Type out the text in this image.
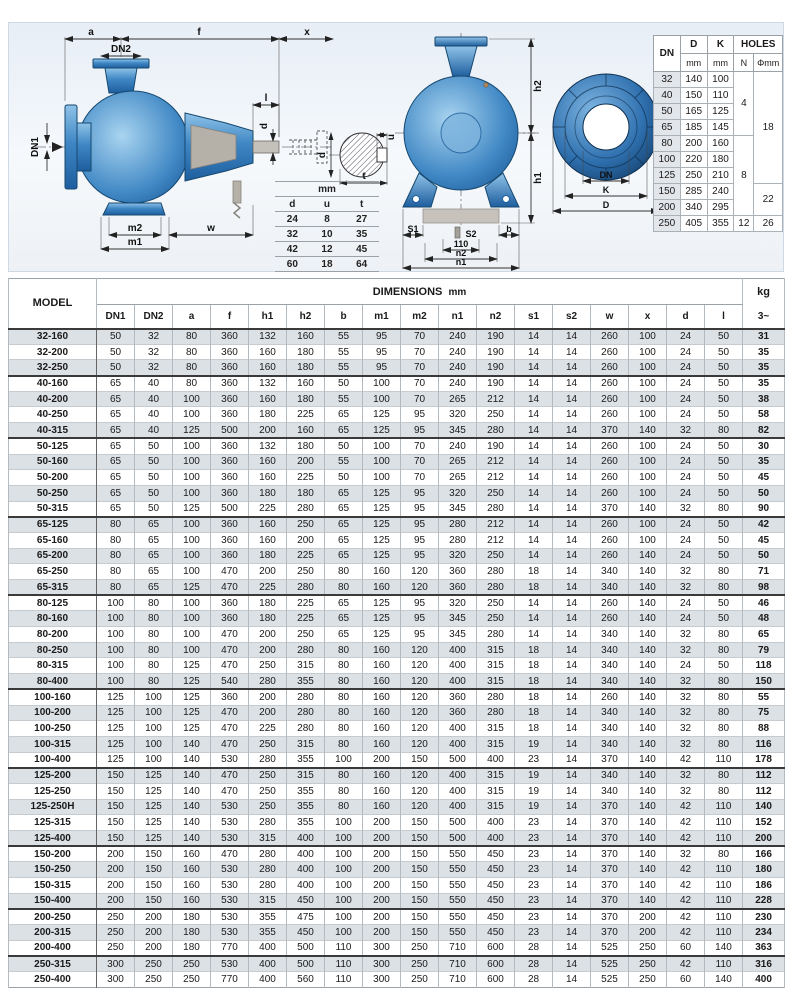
a	f	x
DN2
l
d
DN1
m2
m1
w
d
u
t
mm		
d	u	t
24	8	27
32	10	35
42	12	45
60	18	64
h2
h1
S1	b
S2
110
n2
n1
DN
K
D
DN	D	K	HOLES	
	mm	mm	N	Φmm
32	140	100	4	18
40	150	110		
50	165	125		
65	185	145		
80	200	160	8	
100	220	180		
125	250	210		
150	285	240		22
200	340	295		
250	405	355	12	26
MODEL	DIMENSIONS mm																	kg
	DN1	DN2	a	f	h1	h2	b	m1	m2	n1	n2	s1	s2	w	x	d	l	3~
32-160	50	32	80	360	132	160	55	95	70	240	190	14	14	260	100	24	50	31
32-200	50	32	80	360	160	180	55	95	70	240	190	14	14	260	100	24	50	35
32-250	50	32	80	360	160	180	55	95	70	240	190	14	14	260	100	24	50	35
40-160	65	40	80	360	132	160	50	100	70	240	190	14	14	260	100	24	50	35
40-200	65	40	100	360	160	180	55	100	70	265	212	14	14	260	100	24	50	38
40-250	65	40	100	360	180	225	65	125	95	320	250	14	14	260	100	24	50	58
40-315	65	40	125	500	200	160	65	125	95	345	280	14	14	370	140	32	80	82
50-125	65	50	100	360	132	180	50	100	70	240	190	14	14	260	100	24	50	30
50-160	65	50	100	360	160	200	55	100	70	265	212	14	14	260	100	24	50	35
50-200	65	50	100	360	160	225	50	100	70	265	212	14	14	260	100	24	50	45
50-250	65	50	100	360	180	180	65	125	95	320	250	14	14	260	100	24	50	50
50-315	65	50	125	500	225	280	65	125	95	345	280	14	14	370	140	32	80	90
65-125	80	65	100	360	160	250	65	125	95	280	212	14	14	260	100	24	50	42
65-160	80	65	100	360	160	200	65	125	95	280	212	14	14	260	100	24	50	45
65-200	80	65	100	360	180	225	65	125	95	320	250	14	14	260	140	24	50	50
65-250	80	65	100	470	200	250	80	160	120	360	280	18	14	340	140	32	80	71
65-315	80	65	125	470	225	280	80	160	120	360	280	18	14	340	140	32	80	98
80-125	100	80	100	360	180	225	65	125	95	320	250	14	14	260	140	24	50	46
80-160	100	80	100	360	180	225	65	125	95	345	250	14	14	260	140	24	50	48
80-200	100	80	100	470	200	250	65	125	95	345	280	14	14	340	140	32	80	65
80-250	100	80	100	470	200	280	80	160	120	400	315	18	14	340	140	32	80	79
80-315	100	80	125	470	250	315	80	160	120	400	315	18	14	340	140	24	50	118
80-400	100	80	125	540	280	355	80	160	120	400	315	18	14	340	140	32	80	150
100-160	125	100	125	360	200	280	80	160	120	360	280	18	14	260	140	32	80	55
100-200	125	100	125	470	200	280	80	160	120	360	280	18	14	340	140	32	80	75
100-250	125	100	125	470	225	280	80	160	120	400	315	18	14	340	140	32	80	88
100-315	125	100	140	470	250	315	80	160	120	400	315	19	14	340	140	32	80	116
100-400	125	100	140	530	280	355	100	200	150	500	400	23	14	370	140	42	110	178
125-200	150	125	140	470	250	315	80	160	120	400	315	19	14	340	140	32	80	112
125-250	150	125	140	470	250	355	80	160	120	400	315	19	14	340	140	32	80	112
125-250H	150	125	140	530	250	355	80	160	120	400	315	19	14	370	140	42	110	140
125-315	150	125	140	530	280	355	100	200	150	500	400	23	14	370	140	42	110	152
125-400	150	125	140	530	315	400	100	200	150	500	400	23	14	370	140	42	110	200
150-200	200	150	160	470	280	400	100	200	150	550	450	23	14	370	140	32	80	166
150-250	200	150	160	530	280	400	100	200	150	550	450	23	14	370	140	42	110	180
150-315	200	150	160	530	280	400	100	200	150	550	450	23	14	370	140	42	110	186
150-400	200	150	160	530	315	450	100	200	150	550	450	23	14	370	140	42	110	228
200-250	250	200	180	530	355	475	100	200	150	550	450	23	14	370	200	42	110	230
200-315	250	200	180	530	355	450	100	200	150	550	450	23	14	370	200	42	110	234
200-400	250	200	180	770	400	500	110	300	250	710	600	28	14	525	250	60	140	363
250-315	300	250	250	530	400	500	110	300	250	710	600	28	14	525	250	42	110	316
250-400	300	250	250	770	400	560	110	300	250	710	600	28	14	525	250	60	140	400
